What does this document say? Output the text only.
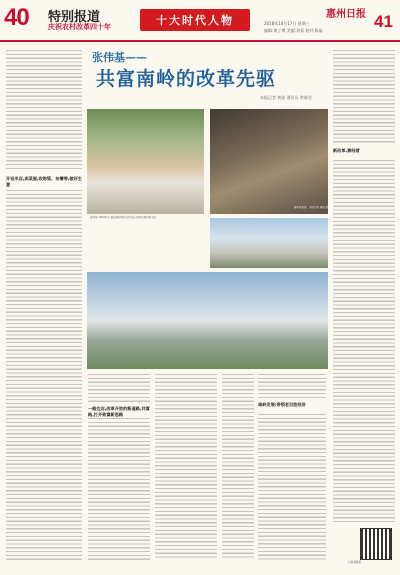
40 特别报道
庆祝农村改革四十年	十大时代人物	惠州日报 41
2018年10月17日 星期三
编辑:黄子博 美编:刘蓉 校对:陈晶
张伟基——
共富南岭的改革先驱
本报记者 黄旋 通讯员 曾晓君
南岭村新貌。本报记者 黄旋 摄
张伟基,1952年生,曾任南岭股份合作社长,南岭村原党委书记。
开设米店,卖菜屋,收购梁、布槽等,做好生意
一路边店,改革开放的新道路,共富路,打开致富新思路
新改革,善经营
南岭发展:带领老百姓经济
扫码看视频
